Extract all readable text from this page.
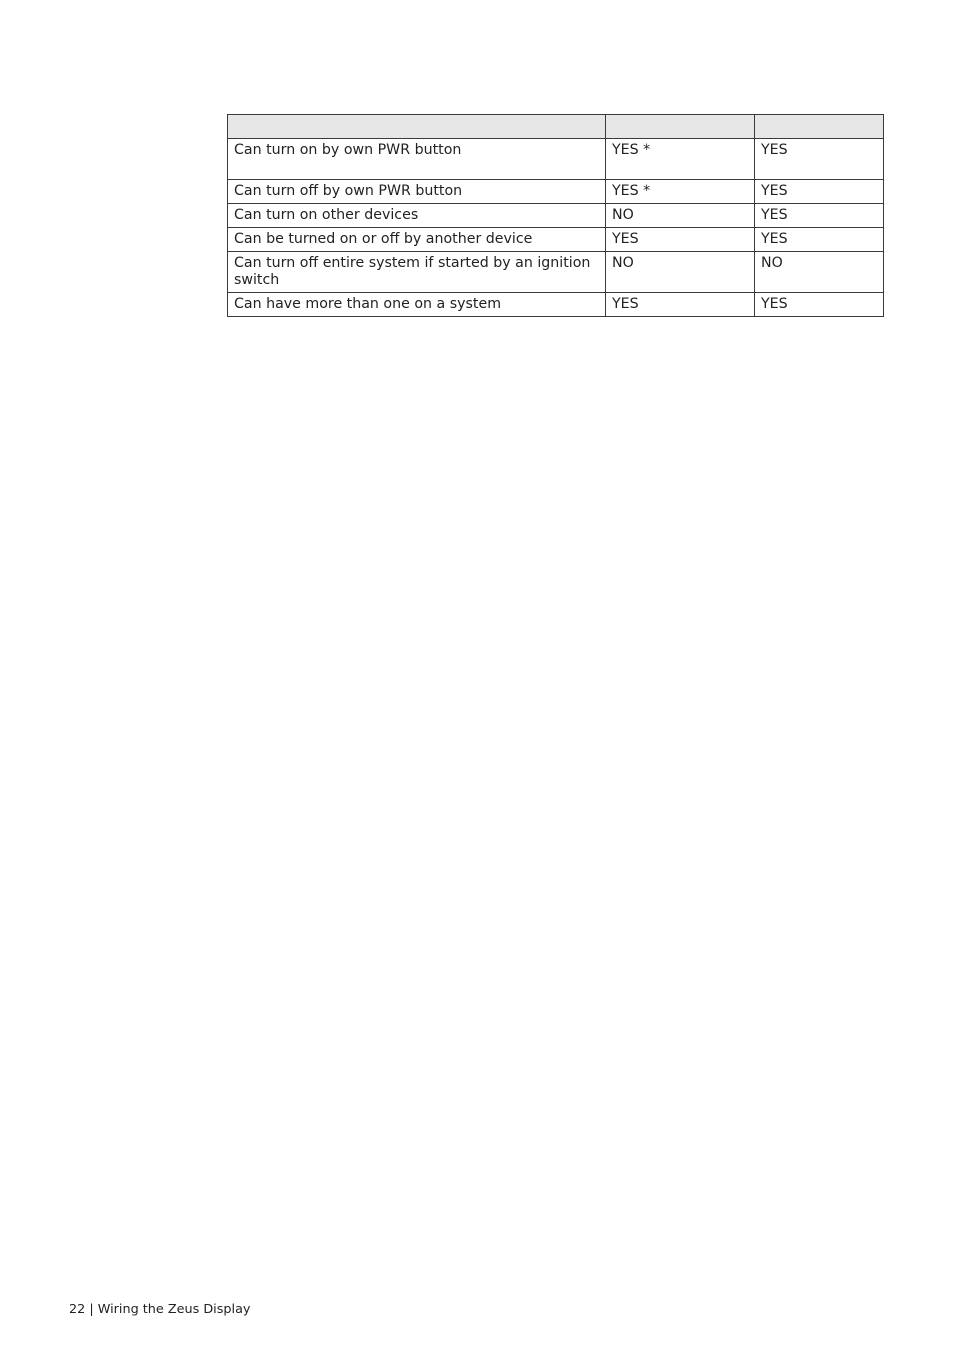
Can turn on by own PWR button	YES *	YES
Can turn off by own PWR button	YES *	YES
Can turn on other devices	NO	YES
Can be turned on or off by another device	YES	YES
Can turn off entire system if started by an ignition switch	NO	NO
Can have more than one on a system	YES	YES
22 | Wiring the Zeus Display
